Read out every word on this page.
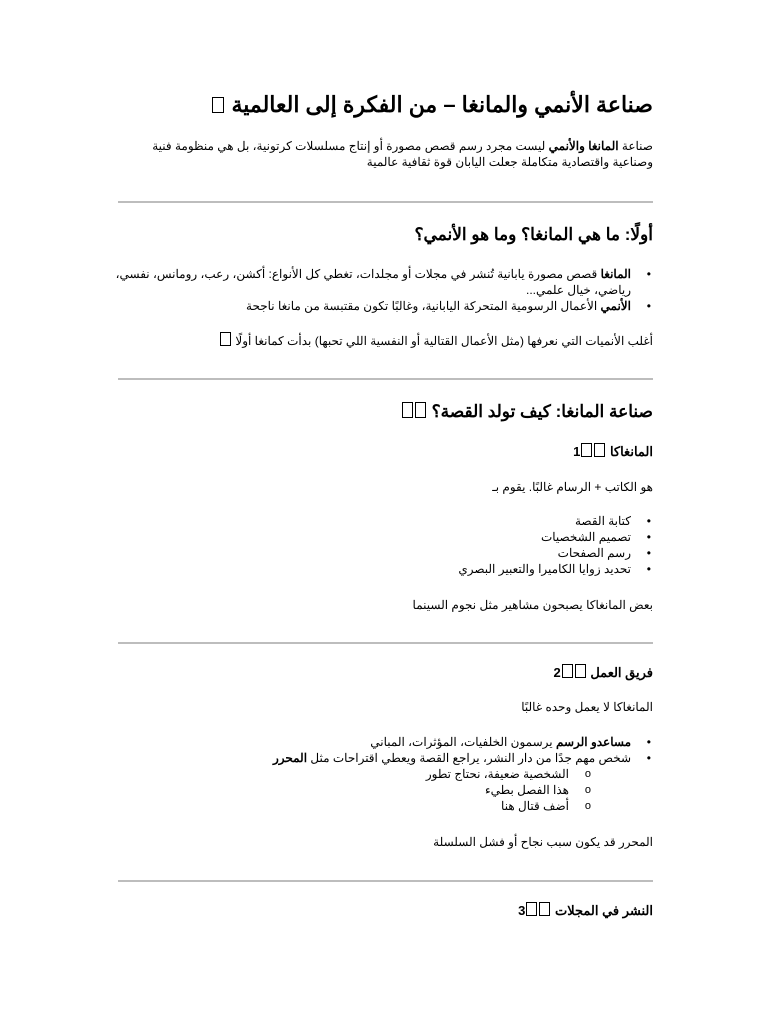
صناعة الأنمي والمانغا – من الفكرة إلى العالمية

صناعة المانغا والأنمي ليست مجرد رسم قصص مصورة أو إنتاج مسلسلات كرتونية، بل هي منظومة فنية وصناعية واقتصادية متكاملة جعلت اليابان قوة ثقافية عالمية

أولًا: ما هي المانغا؟ وما هو الأنمي؟
• المانغا قصص مصورة يابانية تُنشر في مجلات أو مجلدات، تغطي كل الأنواع: أكشن، رعب، رومانس، نفسي، رياضي، خيال علمي...
• الأنمي الأعمال الرسومية المتحركة اليابانية، وغالبًا تكون مقتبسة من مانغا ناجحة

أغلب الأنميات التي نعرفها (مثل الأعمال القتالية أو النفسية اللي تحبها) بدأت كمانغا أولًا

صناعة المانغا: كيف تولد القصة؟
المانغاكا 1

هو الكاتب + الرسام غالبًا. يقوم بـ

• كتابة القصة
• تصميم الشخصيات
• رسم الصفحات
• تحديد زوايا الكاميرا والتعبير البصري

بعض المانغاكا يصبحون مشاهير مثل نجوم السينما

فريق العمل 2

المانغاكا لا يعمل وحده غالبًا

• مساعدو الرسم يرسمون الخلفيات، المؤثرات، المباني
• شخص مهم جدًا من دار النشر، يراجع القصة ويعطي اقتراحات مثل المحرر
o الشخصية ضعيفة، نحتاج تطور
o هذا الفصل بطيء
o أضف قتال هنا

المحرر قد يكون سبب نجاح أو فشل السلسلة

النشر في المجلات 3
